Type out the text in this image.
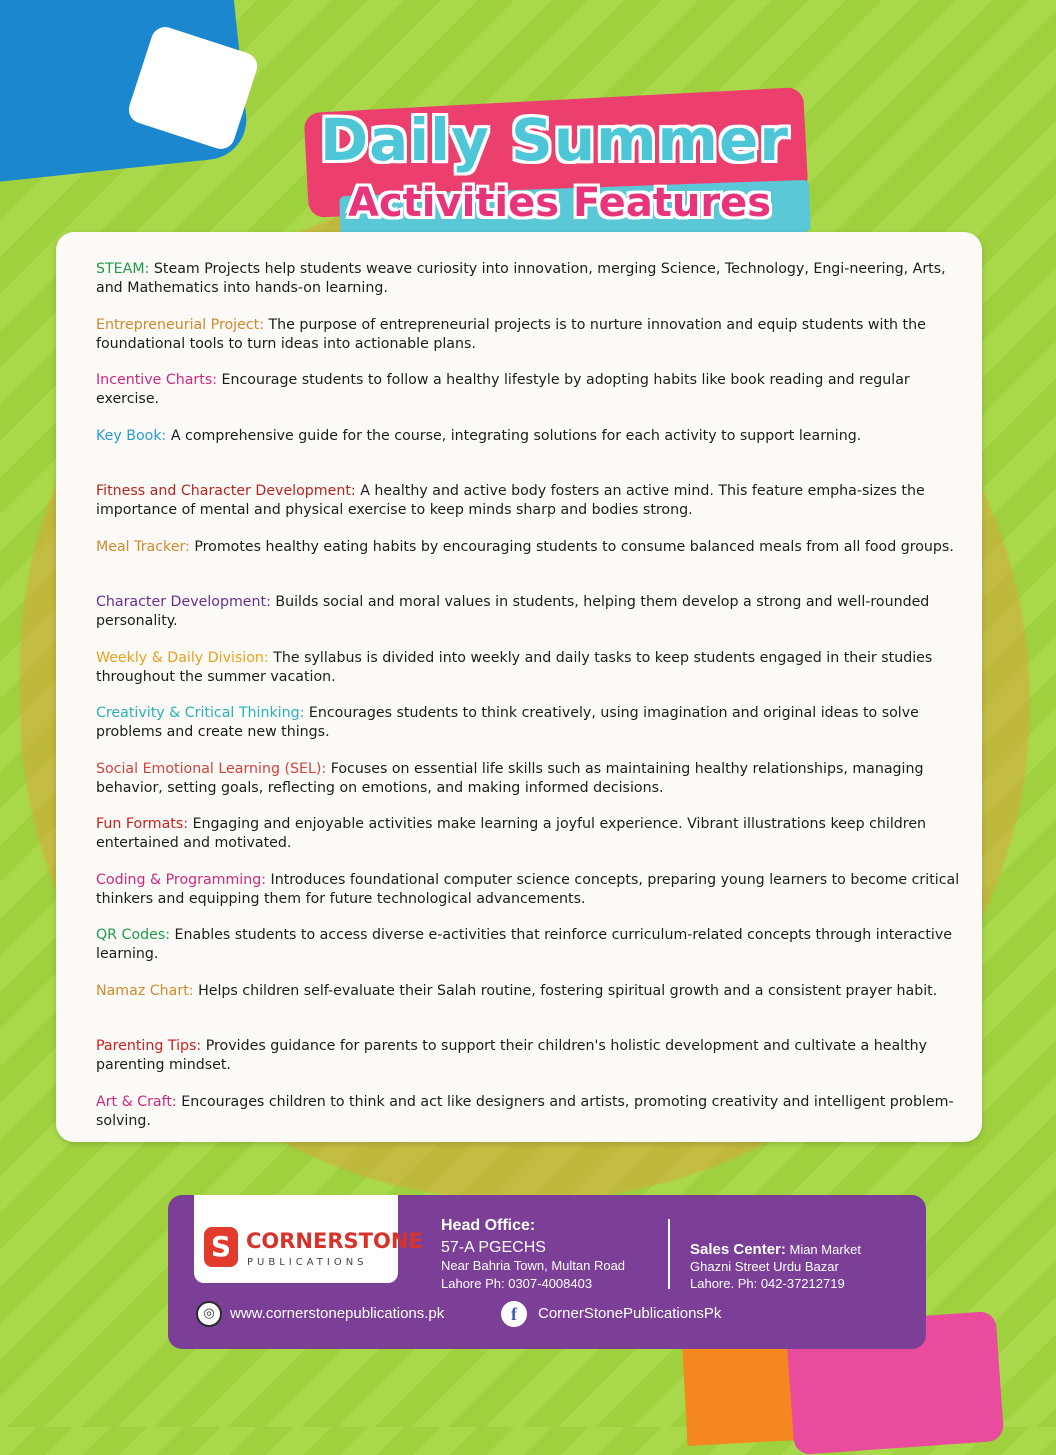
Daily Summer
Activities Features
STEAM: Steam Projects help students weave curiosity into innovation, merging Science, Technology, Engi-neering, Arts, and Mathematics into hands-on learning.
Entrepreneurial Project: The purpose of entrepreneurial projects is to nurture innovation and equip students with the foundational tools to turn ideas into actionable plans.
Incentive Charts: Encourage students to follow a healthy lifestyle by adopting habits like book reading and regular exercise.
Key Book: A comprehensive guide for the course, integrating solutions for each activity to support learning.
Fitness and Character Development: A healthy and active body fosters an active mind. This feature empha-sizes the importance of mental and physical exercise to keep minds sharp and bodies strong.
Meal Tracker: Promotes healthy eating habits by encouraging students to consume balanced meals from all food groups.
Character Development: Builds social and moral values in students, helping them develop a strong and well-rounded personality.
Weekly & Daily Division: The syllabus is divided into weekly and daily tasks to keep students engaged in their studies throughout the summer vacation.
Creativity & Critical Thinking: Encourages students to think creatively, using imagination and original ideas to solve problems and create new things.
Social Emotional Learning (SEL): Focuses on essential life skills such as maintaining healthy relationships, managing behavior, setting goals, reflecting on emotions, and making informed decisions.
Fun Formats: Engaging and enjoyable activities make learning a joyful experience. Vibrant illustrations keep children entertained and motivated.
Coding & Programming: Introduces foundational computer science concepts, preparing young learners to become critical thinkers and equipping them for future technological advancements.
QR Codes: Enables students to access diverse e-activities that reinforce curriculum-related concepts through interactive learning.
Namaz Chart: Helps children self-evaluate their Salah routine, fostering spiritual growth and a consistent prayer habit.
Parenting Tips: Provides guidance for parents to support their children's holistic development and cultivate a healthy parenting mindset.
Art & Craft: Encourages children to think and act like designers and artists, promoting creativity and intelligent problem-solving.
S CORNERSTONE
PUBLICATIONS
Head Office:
57-A PGECHS
Near Bahria Town, Multan Road
Lahore Ph: 0307-4008403
Sales Center: Mian Market
Ghazni Street Urdu Bazar
Lahore. Ph: 042-37212719
◎	www.cornerstonepublications.pk	f	CornerStonePublicationsPk
